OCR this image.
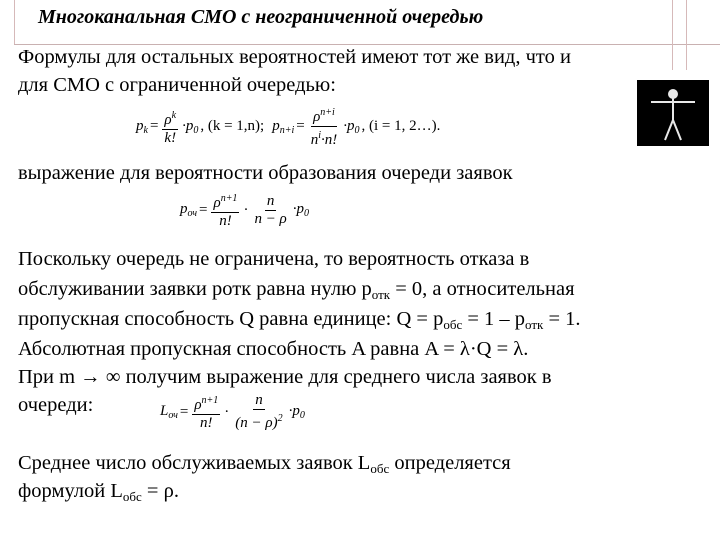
Многоканальная СМО с неограниченной очередью
Формулы для остальных вероятностей имеют тот же вид, что и
для СМО с ограниченной очередью:
$p_k = \frac{\rho^k}{k!} \cdot p_0$ , (k = 1,n); $p_{n+i} = \frac{\rho^{n+i}}{n^i\cdot n!} \cdot p_0$ , (i = 1, 2…).
выражение для вероятности образования очереди заявок
$p_{оч} = \frac{\rho^{n+1}}{n!} \cdot \frac{n}{n - \rho} \cdot p_0$
Поскольку очередь не ограничена, то вероятность отказа в
обслуживании заявки pотк равна нулю $p_{отк} = 0$, а относительная
пропускная способность Q равна единице: $Q = p_{обс} = 1 - p_{отк} = 1$.
Абсолютная пропускная способность A равна A = λ·Q = λ.
При m → ∞ получим выражение для среднего числа заявок в
очереди:	$L_{оч} = \frac{\rho^{n+1}}{n!} \cdot \frac{n}{(n - \rho)^2} \cdot p_0$
Среднее число обслуживаемых заявок $L_{обс}$ определяется
формулой $L_{обс} = \rho$.
